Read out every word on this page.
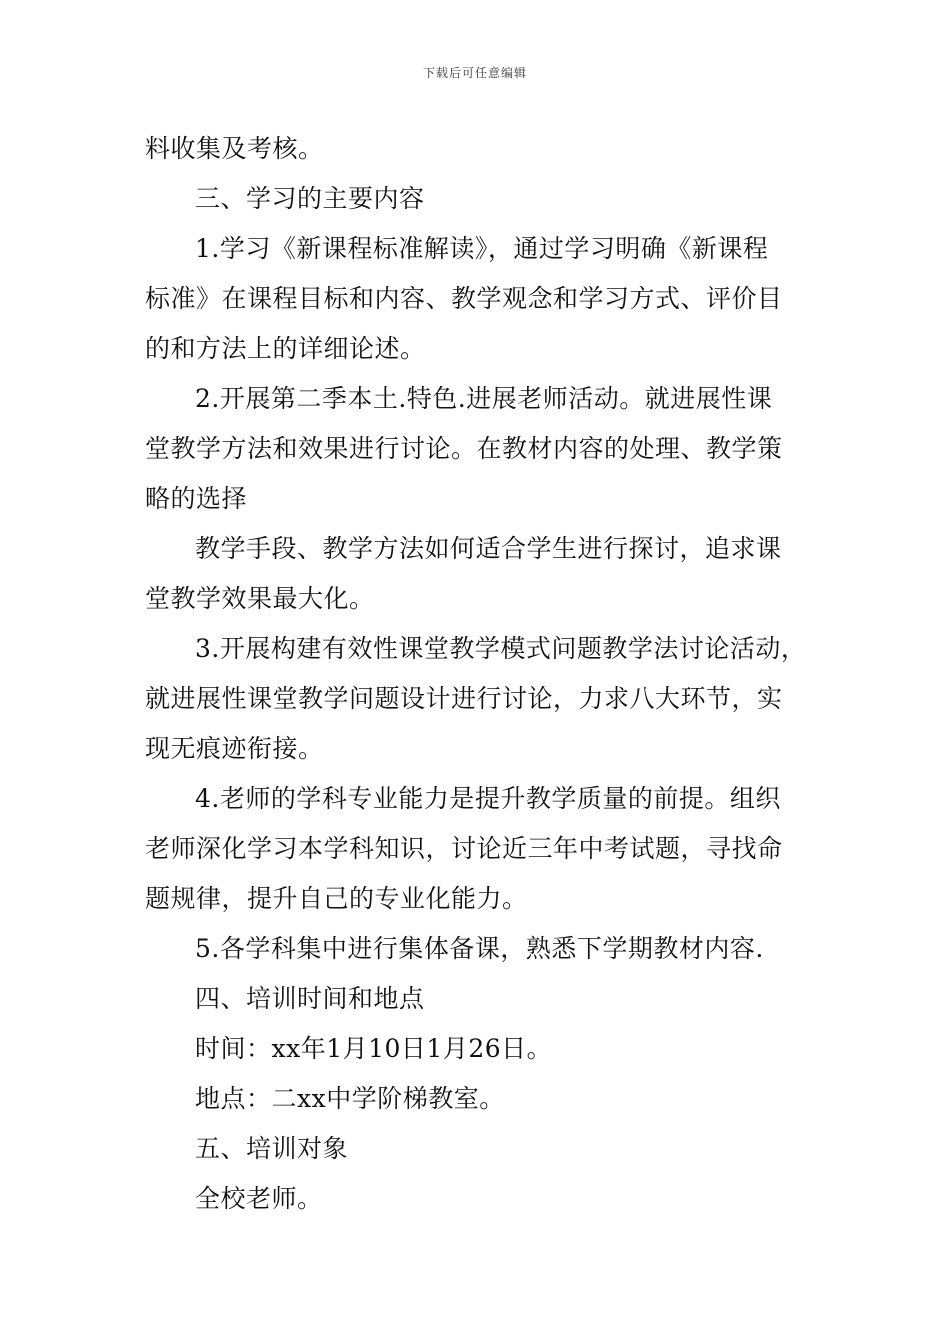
下载后可任意编辑
料收集及考核。
三、学习的主要内容
1.学习《新课程标准解读》，通过学习明确《新课程
标准》在课程目标和内容、教学观念和学习方式、评价目
的和方法上的详细论述。
2.开展第二季本土.特色.进展老师活动。就进展性课
堂教学方法和效果进行讨论。在教材内容的处理、教学策
略的选择
教学手段、教学方法如何适合学生进行探讨，追求课
堂教学效果最大化。
3.开展构建有效性课堂教学模式问题教学法讨论活动，
就进展性课堂教学问题设计进行讨论，力求八大环节，实
现无痕迹衔接。
4.老师的学科专业能力是提升教学质量的前提。组织
老师深化学习本学科知识，讨论近三年中考试题，寻找命
题规律，提升自己的专业化能力。
5.各学科集中进行集体备课，熟悉下学期教材内容.
四、培训时间和地点
时间：xx年1月10日1月26日。
地点：二xx中学阶梯教室。
五、培训对象
全校老师。
